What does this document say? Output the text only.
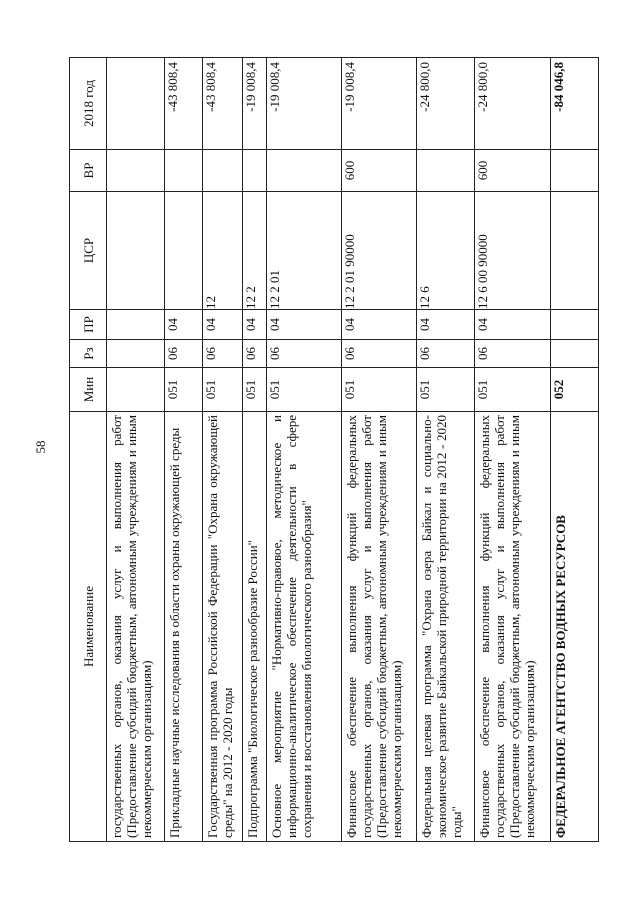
58
Наименование	Мин	Рз	ПР	ЦСР	ВР	2018 год
государственных органов, оказания услуг и выполнения работ (Предоставление субсидий бюджетным, автономным учреждениям и иным некоммерческим организациям)						
Прикладные научные исследования в области охраны окружающей среды	051	06	04			-43 808,4
Государственная программа Российской Федерации "Охрана окружающей среды" на 2012 - 2020 годы	051	06	04	12		-43 808,4
Подпрограмма "Биологическое разнообразие России"	051	06	04	12 2		-19 008,4
Основное мероприятие "Нормативно-правовое, методическое и информационно-аналитическое обеспечение деятельности в сфере сохранения и восстановления биологического разнообразия"	051	06	04	12 2 01		-19 008,4
Финансовое обеспечение выполнения функций федеральных государственных органов, оказания услуг и выполнения работ (Предоставление субсидий бюджетным, автономным учреждениям и иным некоммерческим организациям)	051	06	04	12 2 01 90000	600	-19 008,4
Федеральная целевая программа "Охрана озера Байкал и социально-экономическое развитие Байкальской природной территории на 2012 - 2020 годы"	051	06	04	12 6		-24 800,0
Финансовое обеспечение выполнения функций федеральных государственных органов, оказания услуг и выполнения работ (Предоставление субсидий бюджетным, автономным учреждениям и иным некоммерческим организациям)	051	06	04	12 6 00 90000	600	-24 800,0
ФЕДЕРАЛЬНОЕ АГЕНТСТВО ВОДНЫХ РЕСУРСОВ	052					-84 046,8
